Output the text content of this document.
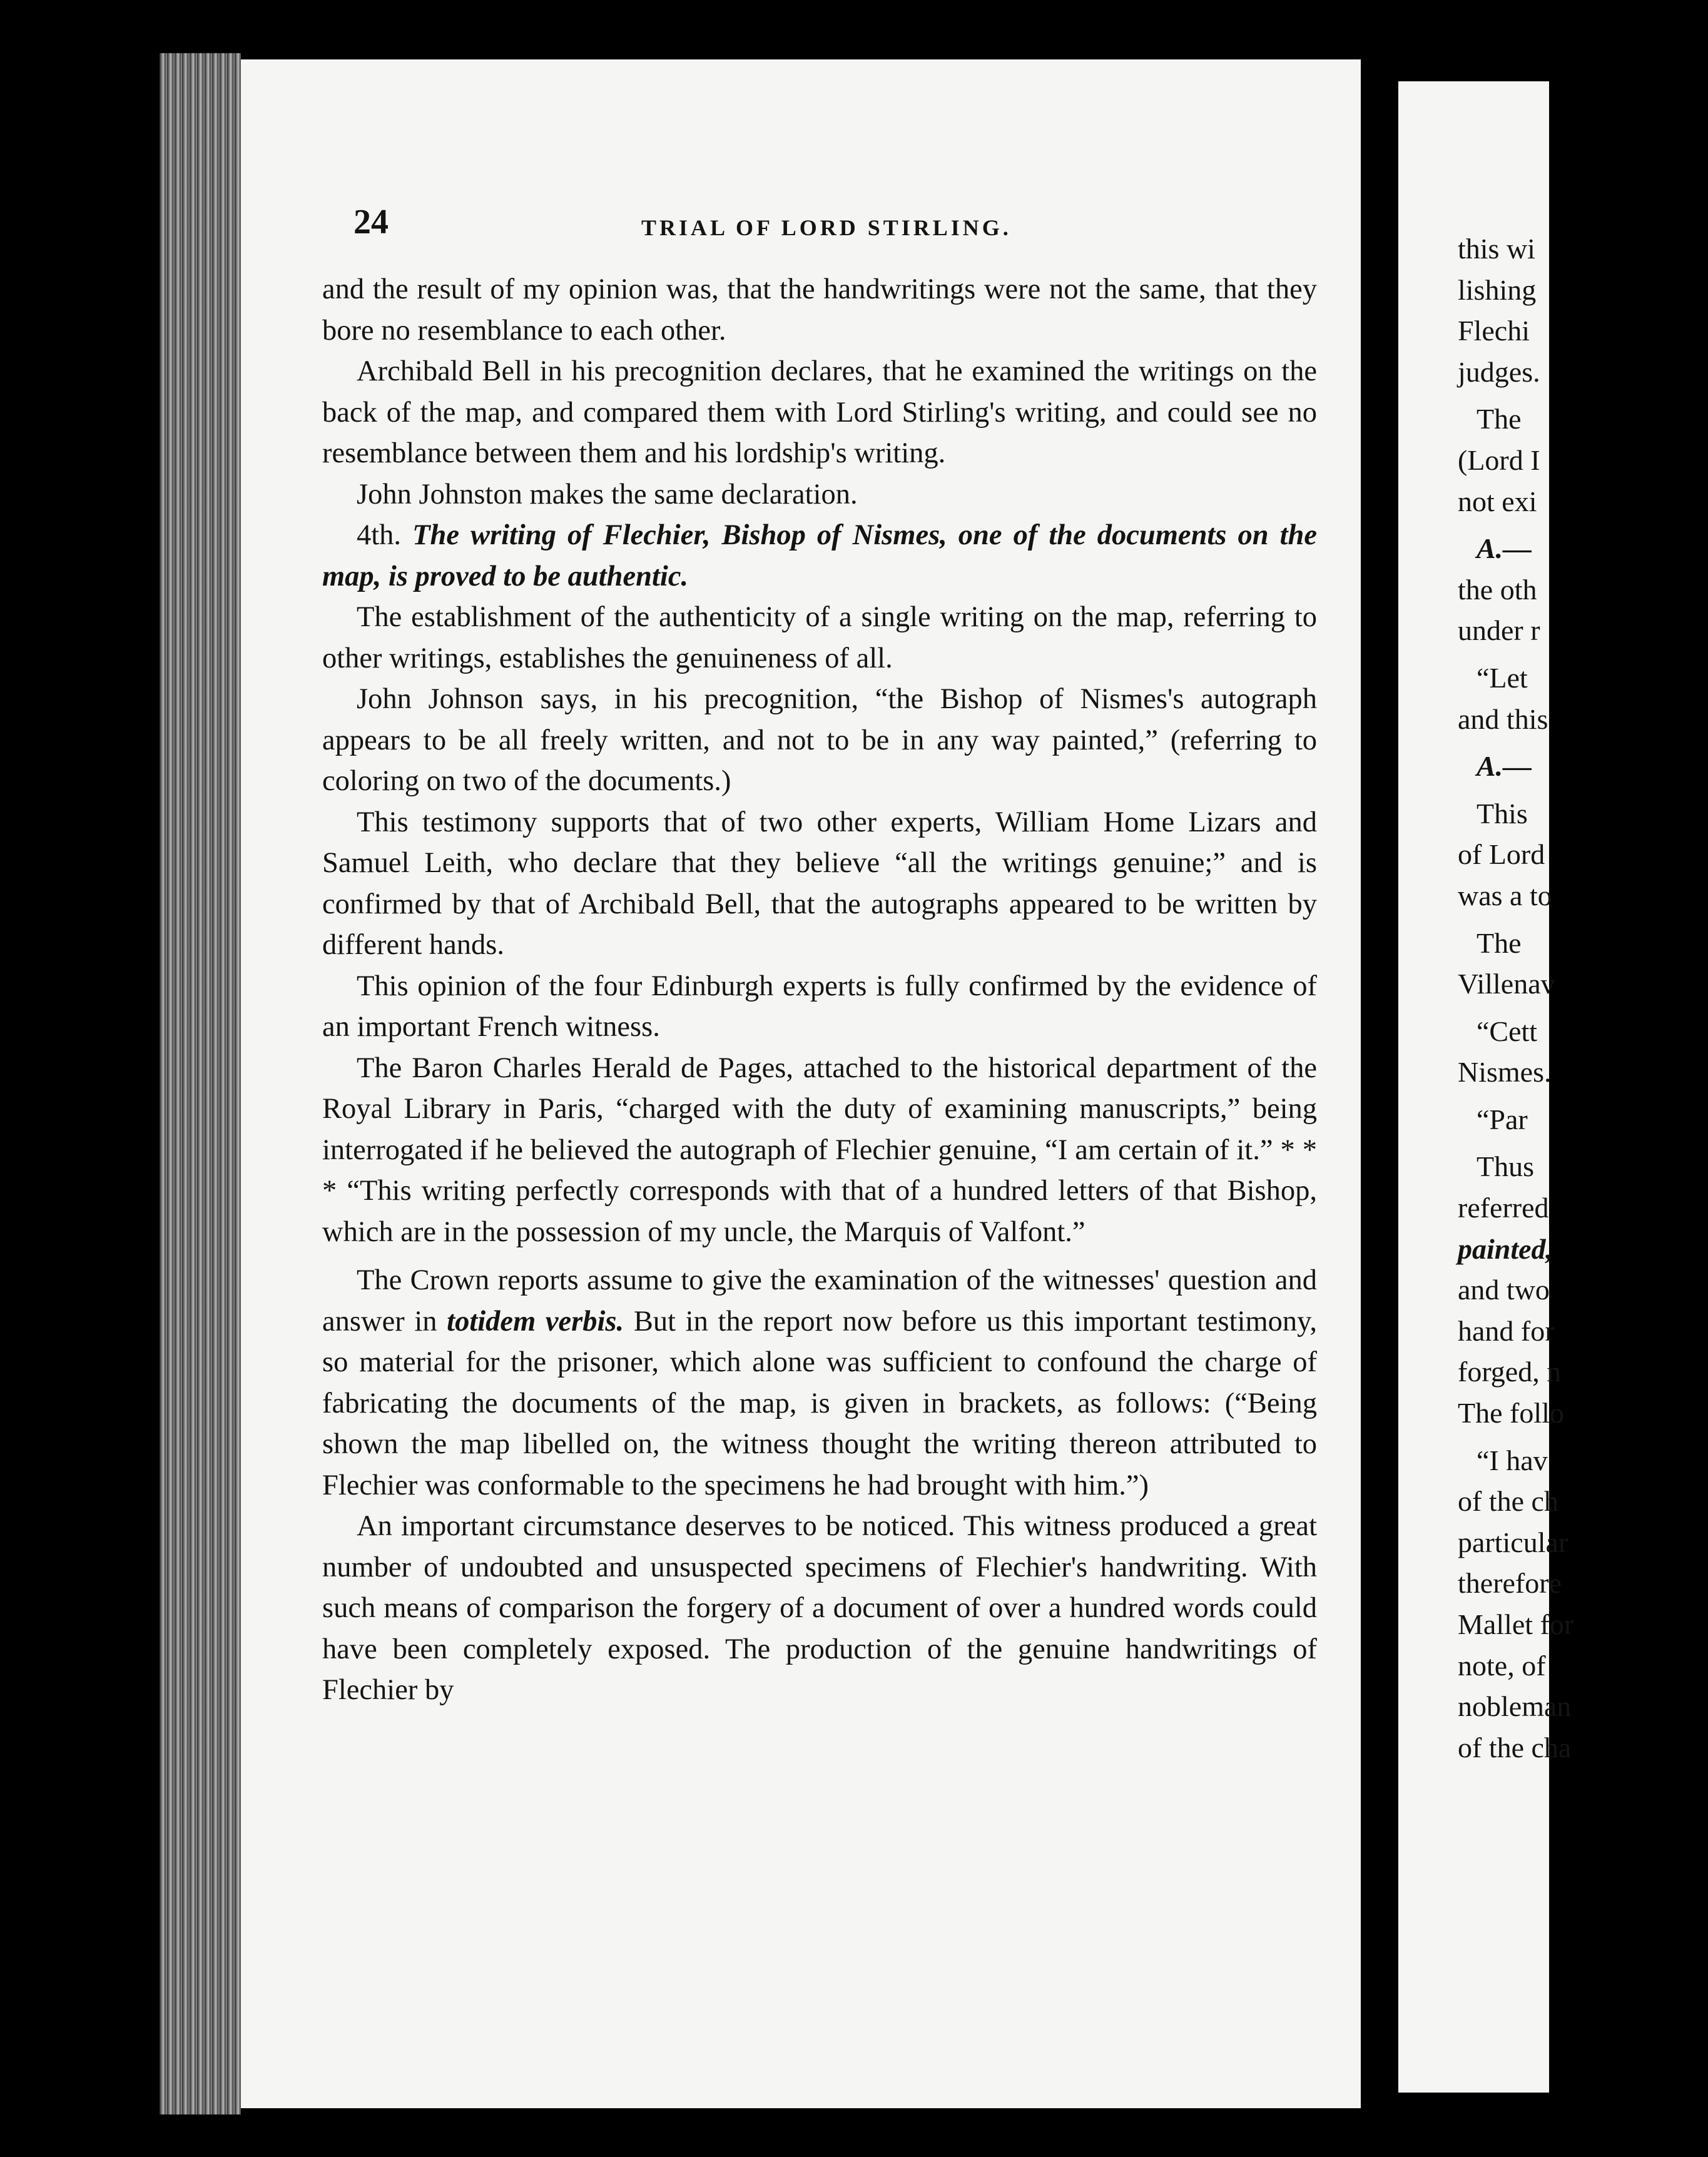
24	TRIAL OF LORD STIRLING.

and the result of my opinion was, that the handwritings were not the same, that they bore no resemblance to each other.

Archibald Bell in his precognition declares, that he examined the writings on the back of the map, and compared them with Lord Stirling's writing, and could see no resemblance between them and his lordship's writing.

John Johnston makes the same declaration.

4th. The writing of Flechier, Bishop of Nismes, one of the documents on the map, is proved to be authentic.

The establishment of the authenticity of a single writing on the map, referring to other writings, establishes the genuineness of all.

John Johnson says, in his precognition, “the Bishop of Nismes's autograph appears to be all freely written, and not to be in any way painted,” (referring to coloring on two of the documents.)

This testimony supports that of two other experts, William Home Lizars and Samuel Leith, who declare that they believe “all the writings genuine;” and is confirmed by that of Archibald Bell, that the autographs appeared to be written by different hands.

This opinion of the four Edinburgh experts is fully confirmed by the evidence of an important French witness.

The Baron Charles Herald de Pages, attached to the historical department of the Royal Library in Paris, “charged with the duty of examining manuscripts,” being interrogated if he believed the autograph of Flechier genuine, “I am certain of it.” * * * “This writing perfectly corresponds with that of a hundred letters of that Bishop, which are in the possession of my uncle, the Marquis of Valfont.”

The Crown reports assume to give the examination of the witnesses' question and answer in totidem verbis. But in the report now before us this important testimony, so material for the prisoner, which alone was sufficient to confound the charge of fabricating the documents of the map, is given in brackets, as follows: (“Being shown the map libelled on, the witness thought the writing thereon attributed to Flechier was conformable to the specimens he had brought with him.”)

An important circumstance deserves to be noticed. This witness produced a great number of undoubted and unsuspected specimens of Flechier's handwriting. With such means of comparison the forgery of a document of over a hundred words could have been completely exposed. The production of the genuine handwritings of Flechier by

this wi
lishing
Flechi
judges.
The
(Lord I
not exi
A.—
the oth
under r
“Let
and this
A.—
This
of Lord
was a to
The
Villenav
“Cett
Nismes.
“Par
Thus
referred
painted,
and two
hand for
forged, n
The follo
“I hav
of the ch
particular
therefore
Mallet for
note, of
nobleman
of the cha
